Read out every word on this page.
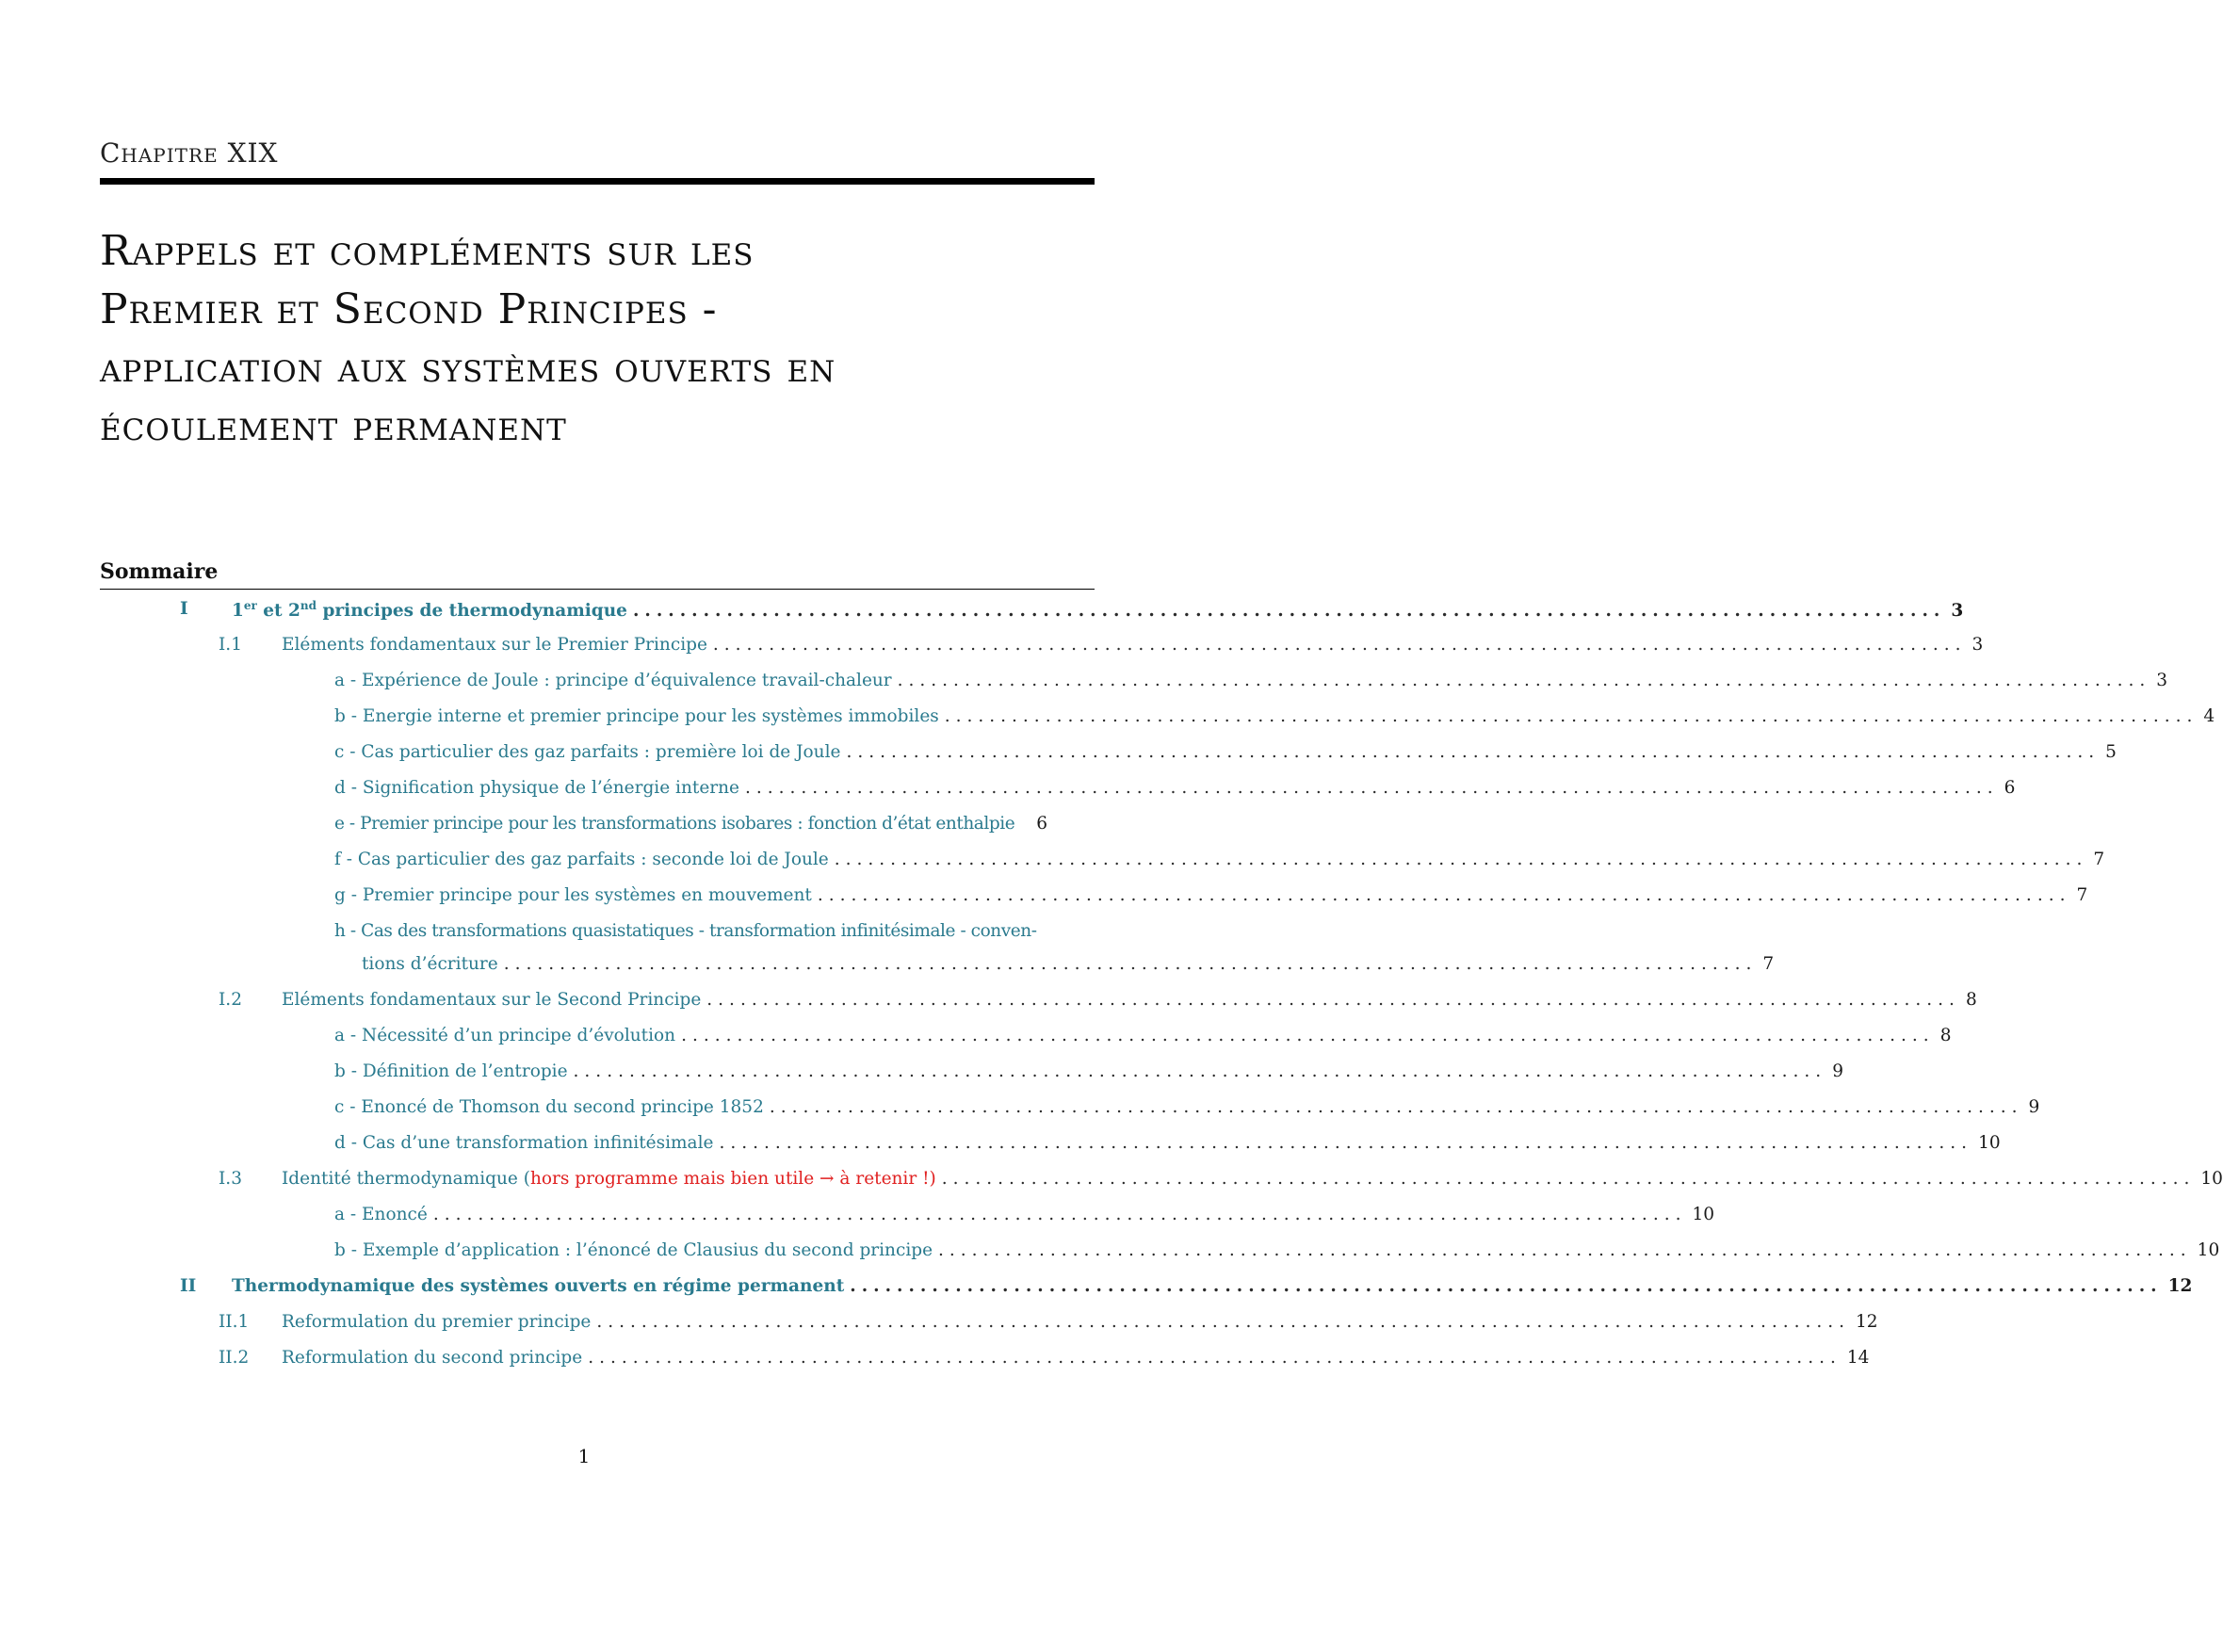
Chapitre XIX
Rappels et compléments sur les
Premier et Second Principes -
application aux systèmes ouverts en
écoulement permanent
Sommaire
I	1er et 2nd principes de thermodynamique ................................................................................................................ 3
I.1 Eléments fondamentaux sur le Premier Principe ................................................................................................................ 3
a - Expérience de Joule : principe d’équivalence travail-chaleur ................................................................................................................ 3
b - Energie interne et premier principe pour les systèmes immobiles ................................................................................................................ 4
c - Cas particulier des gaz parfaits : première loi de Joule ................................................................................................................ 5
d - Signification physique de l’énergie interne ................................................................................................................ 6
e - Premier principe pour les transformations isobares : fonction d’état enthalpie	6
f - Cas particulier des gaz parfaits : seconde loi de Joule ................................................................................................................ 7
g - Premier principe pour les systèmes en mouvement ................................................................................................................ 7
h - Cas des transformations quasistatiques - transformation infinitésimale - conven-
tions d’écriture ................................................................................................................ 7
I.2 Eléments fondamentaux sur le Second Principe ................................................................................................................ 8
a - Nécessité d’un principe d’évolution ................................................................................................................ 8
b - Définition de l’entropie ................................................................................................................ 9
c - Enoncé de Thomson du second principe 1852 ................................................................................................................ 9
d - Cas d’une transformation infinitésimale ................................................................................................................ 10
I.3 Identité thermodynamique (hors programme mais bien utile → à retenir !) ................................................................................................................ 10
a - Enoncé ................................................................................................................ 10
b - Exemple d’application : l’énoncé de Clausius du second principe ................................................................................................................ 10
II Thermodynamique des systèmes ouverts en régime permanent ................................................................................................................ 12
II.1 Reformulation du premier principe ................................................................................................................ 12
II.2 Reformulation du second principe ................................................................................................................ 14
1
